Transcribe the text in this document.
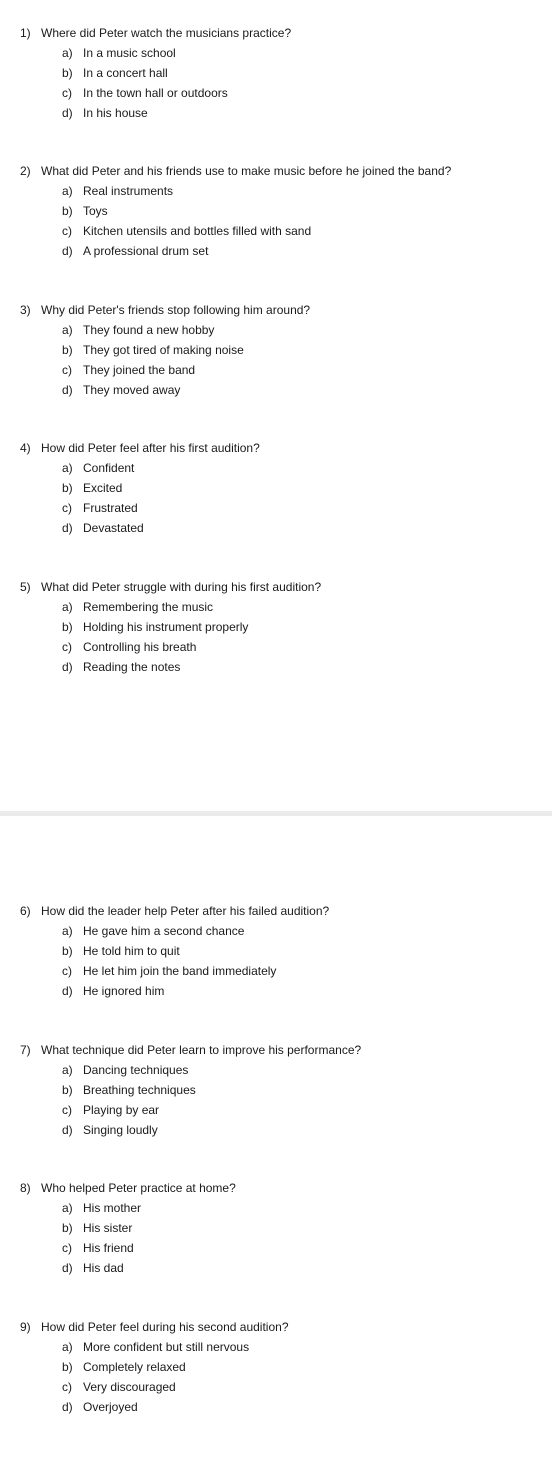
1) Where did Peter watch the musicians practice?
a) In a music school
b) In a concert hall
c) In the town hall or outdoors
d) In his house
2) What did Peter and his friends use to make music before he joined the band?
a) Real instruments
b) Toys
c) Kitchen utensils and bottles filled with sand
d) A professional drum set
3) Why did Peter's friends stop following him around?
a) They found a new hobby
b) They got tired of making noise
c) They joined the band
d) They moved away
4) How did Peter feel after his first audition?
a) Confident
b) Excited
c) Frustrated
d) Devastated
5) What did Peter struggle with during his first audition?
a) Remembering the music
b) Holding his instrument properly
c) Controlling his breath
d) Reading the notes
6) How did the leader help Peter after his failed audition?
a) He gave him a second chance
b) He told him to quit
c) He let him join the band immediately
d) He ignored him
7) What technique did Peter learn to improve his performance?
a) Dancing techniques
b) Breathing techniques
c) Playing by ear
d) Singing loudly
8) Who helped Peter practice at home?
a) His mother
b) His sister
c) His friend
d) His dad
9) How did Peter feel during his second audition?
a) More confident but still nervous
b) Completely relaxed
c) Very discouraged
d) Overjoyed
